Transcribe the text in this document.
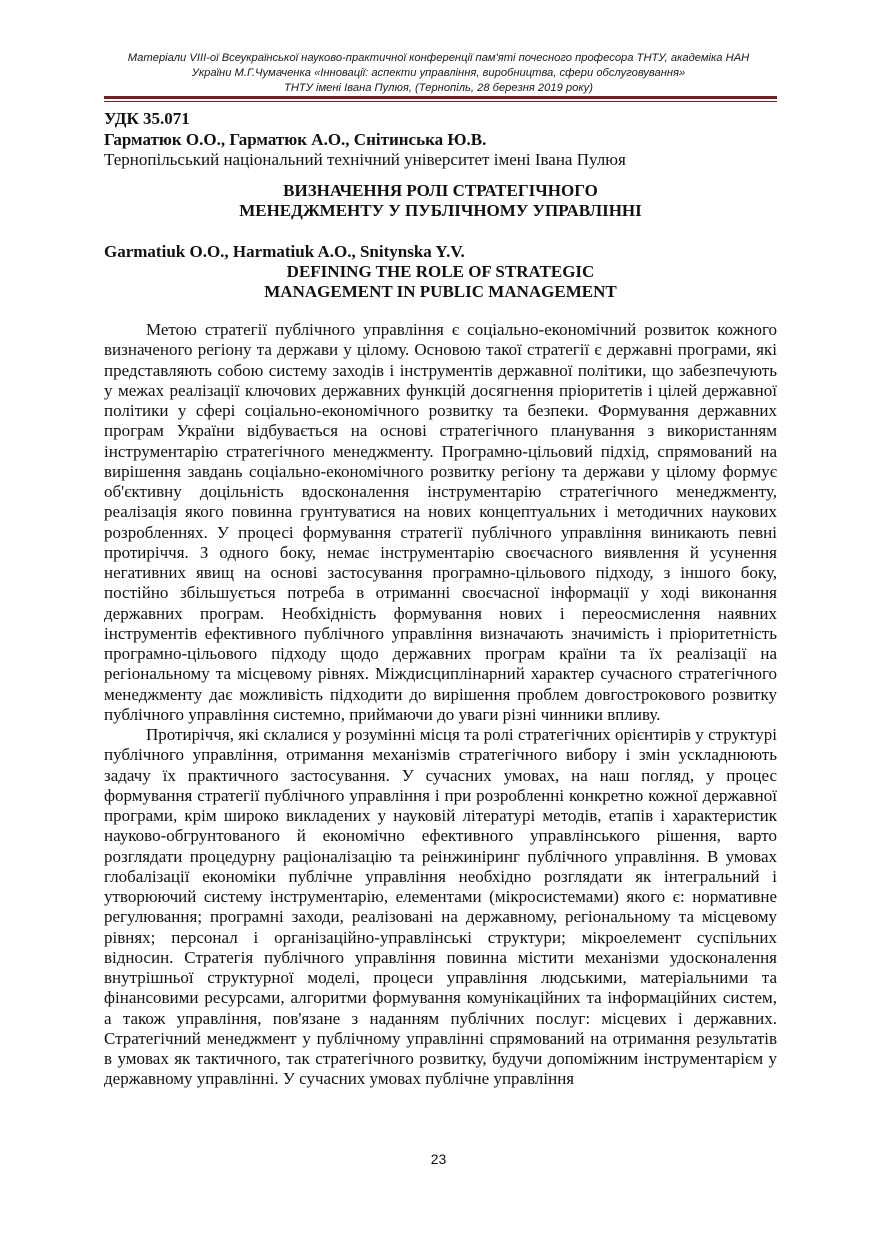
Матеріали VIII-ої Всеукраїнської науково-практичної конференції пам'яті почесного професора ТНТУ, академіка НАН
України М.Г.Чумаченка «Інновації: аспекти управління, виробництва, сфери обслуговування»
ТНТУ імені Івана Пулюя, (Тернопіль, 28 березня 2019 року)
УДК 35.071
Гарматюк О.О., Гарматюк А.О., Снітинська Ю.В.
Тернопільський національний технічний університет імені Івана Пулюя
ВИЗНАЧЕННЯ РОЛІ СТРАТЕГІЧНОГО
МЕНЕДЖМЕНТУ У ПУБЛІЧНОМУ УПРАВЛІННІ
Garmatiuk O.O., Harmatiuk A.O., Snitynska Y.V.
DEFINING THE ROLE OF STRATEGIC
MANAGEMENT IN PUBLIC MANAGEMENT

Метою стратегії публічного управління є соціально-економічний розвиток кожного визначеного регіону та держави у цілому. Основою такої стратегії є державні програми, які представляють собою систему заходів і інструментів державної політики, що забезпечують у межах реалізації ключових державних функцій досягнення пріоритетів і цілей державної політики у сфері соціально-економічного розвитку та безпеки. Формування державних програм України відбувається на основі стратегічного планування з використанням інструментарію стратегічного менеджменту. Програмно-цільовий підхід, спрямований на вирішення завдань соціально-економічного розвитку регіону та держави у цілому формує об'єктивну доцільність вдосконалення інструментарію стратегічного менеджменту, реалізація якого повинна грунтуватися на нових концептуальних і методичних наукових розробленнях. У процесі формування стратегії публічного управління виникають певні протиріччя. З одного боку, немає інструментарію своєчасного виявлення й усунення негативних явищ на основі застосування програмно-цільового підходу, з іншого боку, постійно збільшується потреба в отриманні своєчасної інформації у ході виконання державних програм. Необхідність формування нових і переосмислення наявних інструментів ефективного публічного управління визначають значимість і пріоритетність програмно-цільового підходу щодо державних програм країни та їх реалізації на регіональному та місцевому рівнях. Міждисциплінарний характер сучасного стратегічного менеджменту дає можливість підходити до вирішення проблем довгострокового розвитку публічного управління системно, приймаючи до уваги різні чинники впливу.

Протиріччя, які склалися у розумінні місця та ролі стратегічних орієнтирів у структурі публічного управління, отримання механізмів стратегічного вибору і змін ускладнюють задачу їх практичного застосування. У сучасних умовах, на наш погляд, у процес формування стратегії публічного управління і при розробленні конкретно кожної державної програми, крім широко викладених у науковій літературі методів, етапів і характеристик науково-обгрунтованого й економічно ефективного управлінського рішення, варто розглядати процедурну раціоналізацію та реінжиніринг публічного управління. В умовах глобалізації економіки публічне управління необхідно розглядати як інтегральний і утворюючий систему інструментарію, елементами (мікросистемами) якого є: нормативне регулювання; програмні заходи, реалізовані на державному, регіональному та місцевому рівнях; персонал і організаційно-управлінські структури; мікроелемент суспільних відносин. Стратегія публічного управління повинна містити механізми удосконалення внутрішньої структурної моделі, процеси управління людськими, матеріальними та фінансовими ресурсами, алгоритми формування комунікаційних та інформаційних систем, а також управління, пов'язане з наданням публічних послуг: місцевих і державних. Стратегічний менеджмент у публічному управлінні спрямований на отримання результатів в умовах як тактичного, так стратегічного розвитку, будучи допоміжним інструментарієм у державному управлінні. У сучасних умовах публічне управління

23
